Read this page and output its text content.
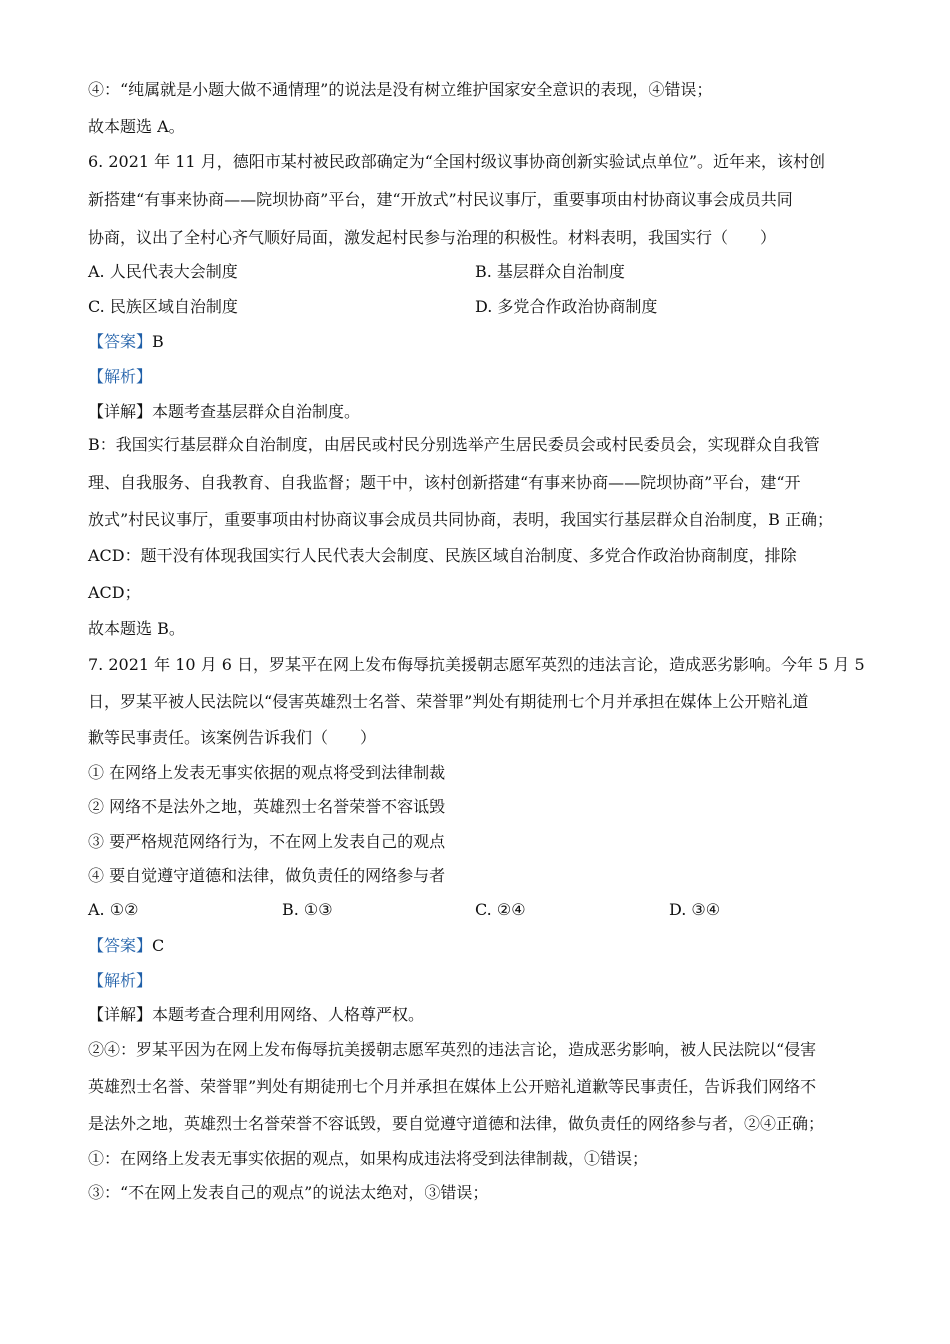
④：“纯属就是小题大做不通情理”的说法是没有树立维护国家安全意识的表现，④错误；
故本题选 A。
6. 2021 年 11 月，德阳市某村被民政部确定为“全国村级议事协商创新实验试点单位”。近年来，该村创
新搭建“有事来协商——院坝协商”平台，建“开放式”村民议事厅，重要事项由村协商议事会成员共同
协商，议出了全村心齐气顺好局面，激发起村民参与治理的积极性。材料表明，我国实行（　　）
A. 人民代表大会制度	B. 基层群众自治制度
C. 民族区域自治制度	D. 多党合作政治协商制度
【答案】B
【解析】
【详解】本题考查基层群众自治制度。
B：我国实行基层群众自治制度，由居民或村民分别选举产生居民委员会或村民委员会，实现群众自我管
理、自我服务、自我教育、自我监督；题干中，该村创新搭建“有事来协商——院坝协商”平台，建“开
放式”村民议事厅，重要事项由村协商议事会成员共同协商，表明，我国实行基层群众自治制度，B 正确；
ACD：题干没有体现我国实行人民代表大会制度、民族区域自治制度、多党合作政治协商制度，排除
ACD；
故本题选 B。
7. 2021 年 10 月 6 日，罗某平在网上发布侮辱抗美援朝志愿军英烈的违法言论，造成恶劣影响。今年 5 月 5
日，罗某平被人民法院以“侵害英雄烈士名誉、荣誉罪”判处有期徒刑七个月并承担在媒体上公开赔礼道
歉等民事责任。该案例告诉我们（　　）
① 在网络上发表无事实依据的观点将受到法律制裁
② 网络不是法外之地，英雄烈士名誉荣誉不容诋毁
③ 要严格规范网络行为，不在网上发表自己的观点
④ 要自觉遵守道德和法律，做负责任的网络参与者
A. ①②	B. ①③	C. ②④	D. ③④
【答案】C
【解析】
【详解】本题考查合理利用网络、人格尊严权。
②④：罗某平因为在网上发布侮辱抗美援朝志愿军英烈的违法言论，造成恶劣影响，被人民法院以“侵害
英雄烈士名誉、荣誉罪”判处有期徒刑七个月并承担在媒体上公开赔礼道歉等民事责任，告诉我们网络不
是法外之地，英雄烈士名誉荣誉不容诋毁，要自觉遵守道德和法律，做负责任的网络参与者，②④正确；
①：在网络上发表无事实依据的观点，如果构成违法将受到法律制裁，①错误；
③：“不在网上发表自己的观点”的说法太绝对，③错误；
